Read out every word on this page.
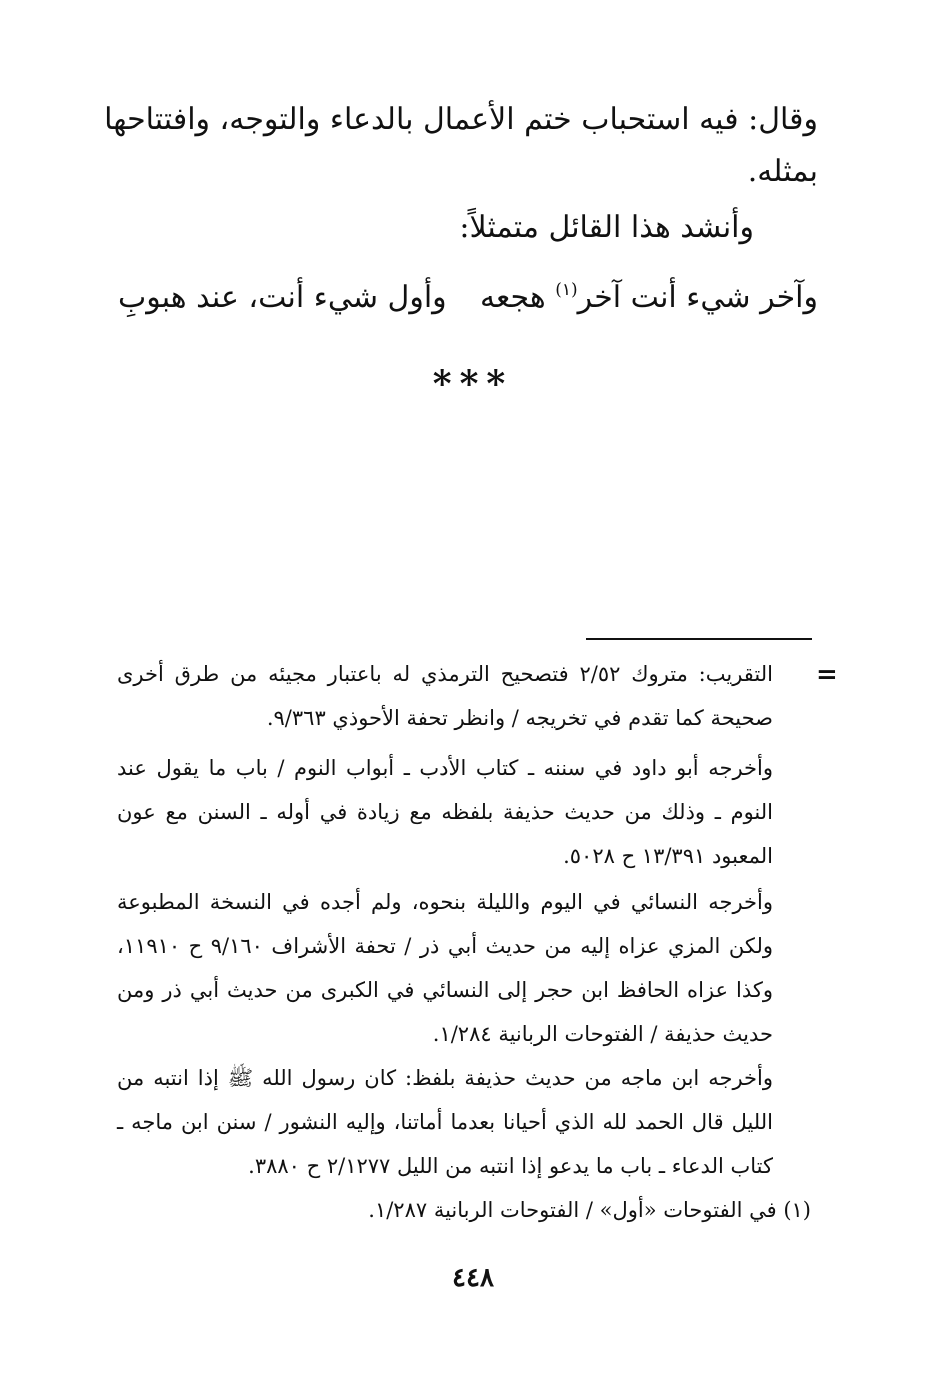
وقال: فيه استحباب ختم الأعمال بالدعاء والتوجه، وافتتاحها
بمثله.
وأنشد هذا القائل متمثلاً:
وآخر شيء أنت آخر$^{(١)}$ هجعه
وأول شيء أنت، عند هبوبِ
***
=
التقريب: متروك ٢/٥٢ فتصحيح الترمذي له باعتبار مجيئه من طرق أخرى صحيحة كما تقدم في تخريجه / وانظر تحفة الأحوذي ٩/٣٦٣.
وأخرجه أبو داود في سننه ـ كتاب الأدب ـ أبواب النوم / باب ما يقول عند النوم ـ وذلك من حديث حذيفة بلفظه مع زيادة في أوله ـ السنن مع عون المعبود ١٣/٣٩١ ح ٥٠٢٨.
وأخرجه النسائي في اليوم والليلة بنحوه، ولم أجده في النسخة المطبوعة ولكن المزي عزاه إليه من حديث أبي ذر / تحفة الأشراف ٩/١٦٠ ح ١١٩١٠، وكذا عزاه الحافظ ابن حجر إلى النسائي في الكبرى من حديث أبي ذر ومن حديث حذيفة / الفتوحات الربانية ١/٢٨٤.
وأخرجه ابن ماجه من حديث حذيفة بلفظ: كان رسول الله ﷺ إذا انتبه من الليل قال الحمد لله الذي أحيانا بعدما أماتنا، وإليه النشور / سنن ابن ماجه ـ كتاب الدعاء ـ باب ما يدعو إذا انتبه من الليل ٢/١٢٧٧ ح ٣٨٨٠.
(١) في الفتوحات «أول» / الفتوحات الربانية ١/٢٨٧.
٤٤٨
